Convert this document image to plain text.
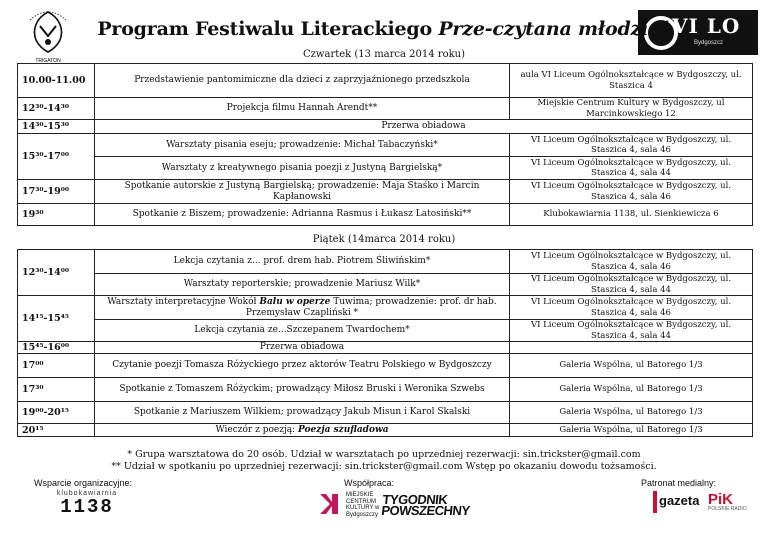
TRIGATON
VI LO
Bydgoszcz
Program Festiwalu Literackiego Prze-czytana młodzież
Czwartek (13 marca 2014 roku)
10.00-11.00	Przedstawienie pantomimiczne dla dzieci z zaprzyjaźnionego przedszkola	aula VI Liceum Ogólnokształcące w Bydgoszczy, ul. Staszica 4
12³⁰-14³⁰	Projekcja filmu Hannah Arendt**	Miejskie Centrum Kultury w Bydgoszczy, ul Marcinkowskiego 12
14³⁰-15³⁰	Przerwa obiadowa	
15³⁰-17⁰⁰	Warsztaty pisania eseju; prowadzenie: Michał Tabaczyński*	VI Liceum Ogólnokształcące w Bydgoszczy, ul. Staszica 4, sala 46
	Warsztaty z kreatywnego pisania poezji z Justyną Bargielską*	VI Liceum Ogólnokształcące w Bydgoszczy, ul. Staszica 4, sala 44
17³⁰-19⁰⁰	Spotkanie autorskie z Justyną Bargielską; prowadzenie: Maja Staśko i Marcin Kapłanowski	VI Liceum Ogólnokształcące w Bydgoszczy, ul. Staszica 4, sala 46
19³⁰	Spotkanie z Biszem; prowadzenie: Adrianna Rasmus i Łukasz Latosiński**	Klubokawiarnia 1138, ul. Sienkiewicza 6
Piątek (14marca 2014 roku)
12³⁰-14⁰⁰	Lekcja czytania z... prof. drem hab. Piotrem Śliwińskim*	VI Liceum Ogólnokształcące w Bydgoszczy, ul. Staszica 4, sala 46
	Warsztaty reporterskie; prowadzenie Mariusz Wilk*	VI Liceum Ogólnokształcące w Bydgoszczy, ul. Staszica 4, sala 44
14¹⁵-15⁴⁵	Warsztaty interpretacyjne Wokół Balu w operze Tuwima; prowadzenie: prof. dr hab. Przemysław Czapliński *	VI Liceum Ogólnokształcące w Bydgoszczy, ul. Staszica 4, sala 46
	Lekcja czytania ze...Szczepanem Twardochem*	VI Liceum Ogólnokształcące w Bydgoszczy, ul. Staszica 4, sala 44
15⁴⁵-16⁰⁰	Przerwa obiadowa	
17⁰⁰	Czytanie poezji Tomasza Różyckiego przez aktorów Teatru Polskiego w Bydgoszczy	Galeria Wspólna, ul Batorego 1/3
17³⁰	Spotkanie z Tomaszem Różyckim; prowadzący Miłosz Bruski i Weronika Szwebs	Galeria Wspólna, ul Batorego 1/3
19⁰⁰-20¹⁵	Spotkanie z Mariuszem Wilkiem; prowadzący Jakub Misun i Karol Skalski	Galeria Wspólna, ul Batorego 1/3
20¹⁵	Wieczór z poezją: Poezja szufladowa	Galeria Wspólna, ul Batorego 1/3
* Grupa warsztatowa do 20 osób. Udział w warsztatach po uprzedniej rezerwacji: sin.trickster@gmail.com
** Udział w spotkaniu po uprzedniej rezerwacji: sin.trickster@gmail.com Wstęp po okazaniu dowodu tożsamości.
Wsparcie organizacyjne:	Współpraca:	Patronat medialny:
klubokawiarnia
1138
MIEJSKIE CENTRUM KULTURY w Bydgoszczy
TYGODNIK POWSZECHNY
gazeta PiK
POLSKIE RADIO
